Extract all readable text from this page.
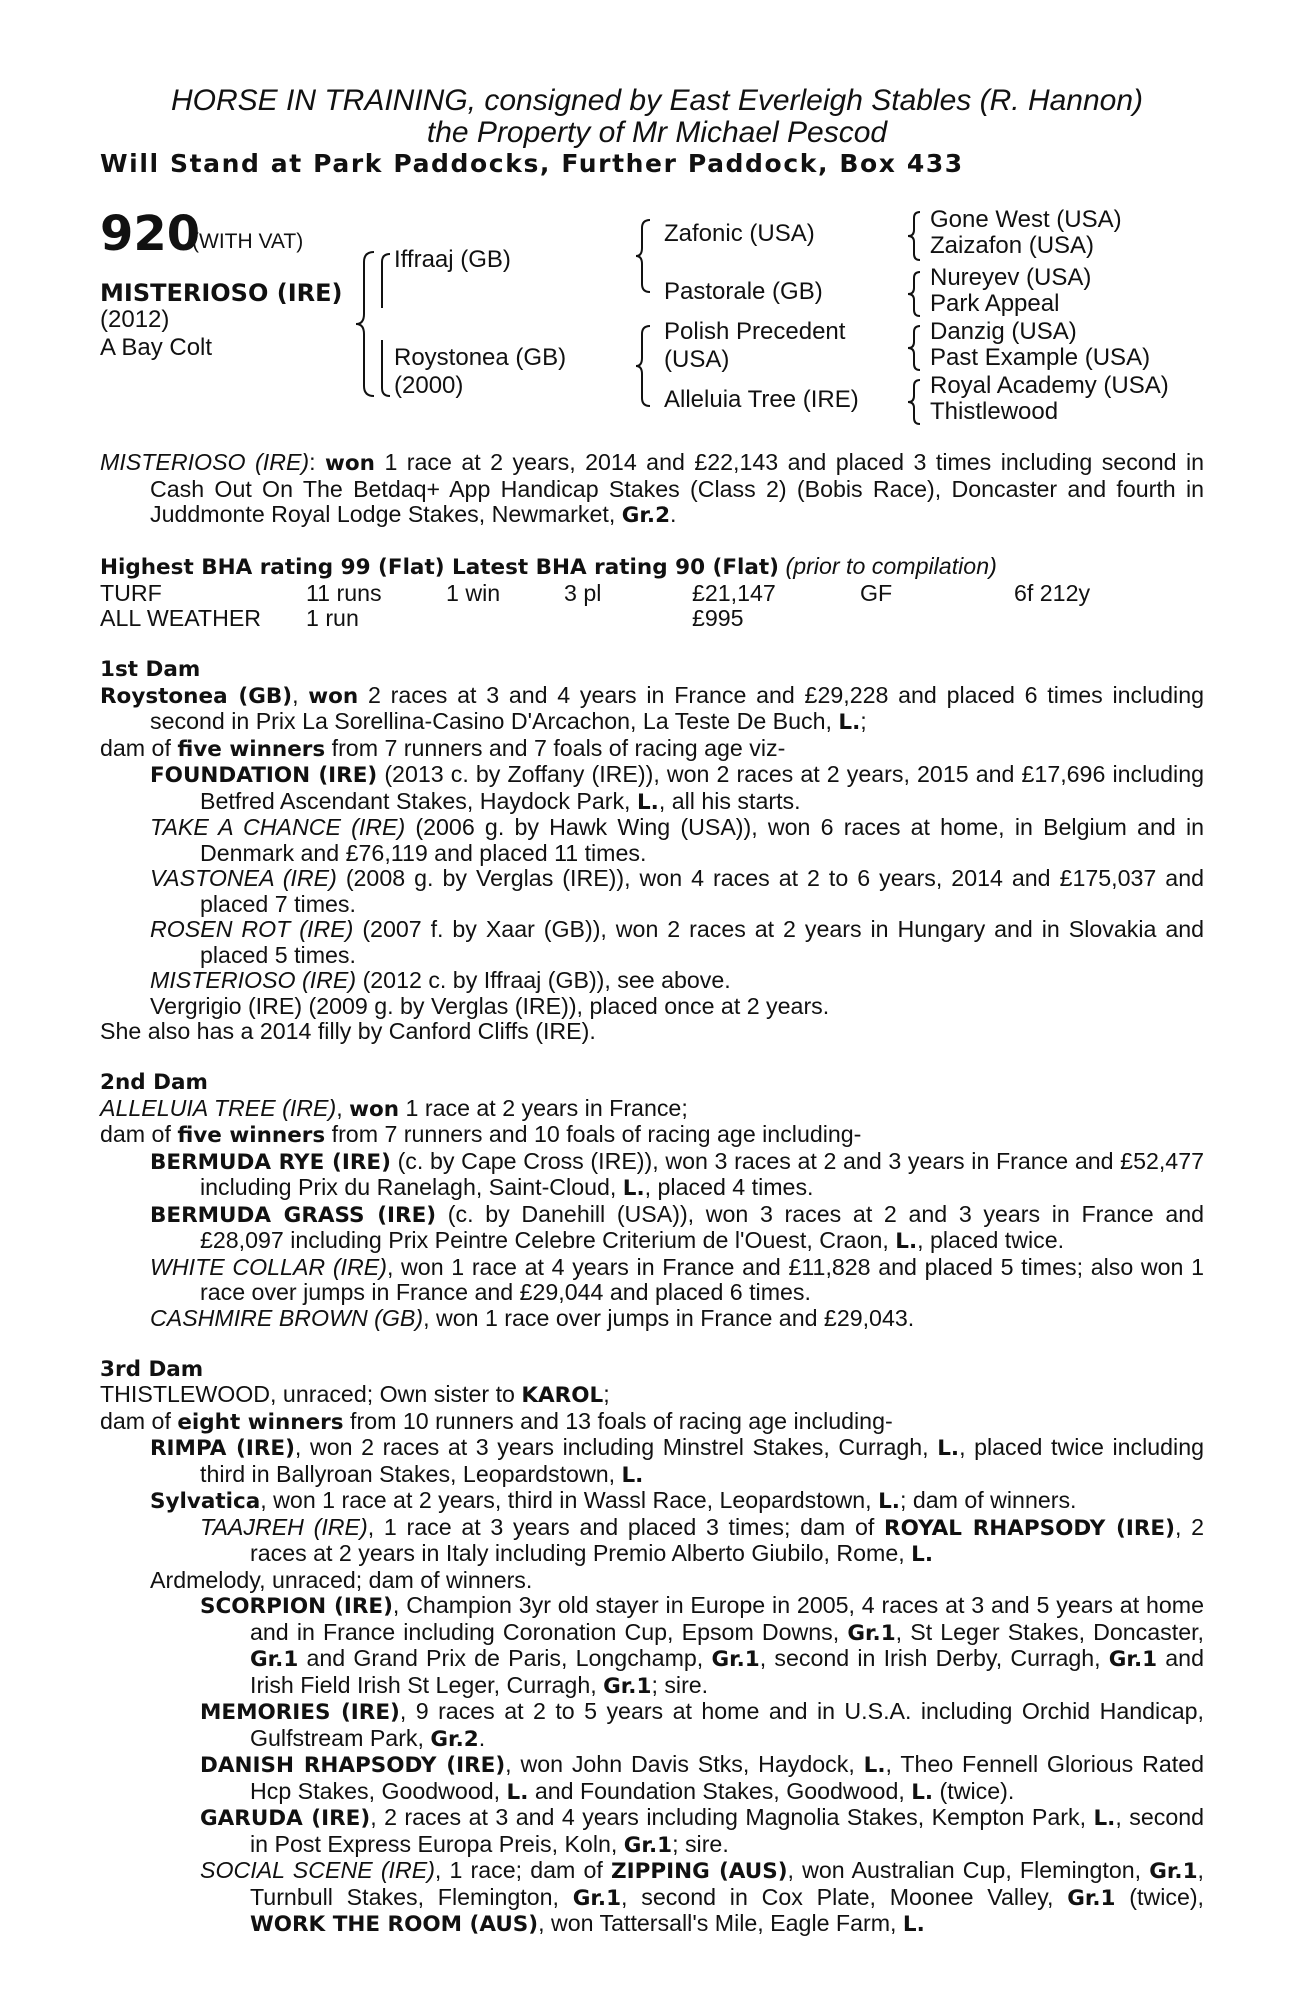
HORSE IN TRAINING, consigned by East Everleigh Stables (R. Hannon)
the Property of Mr Michael Pescod
Will Stand at Park Paddocks, Further Paddock, Box 433
920
(WITH VAT)
MISTERIOSO (IRE)
(2012)
A Bay Colt
Iffraaj (GB)
Roystonea (GB)
(2000)
Zafonic (USA)
Pastorale (GB)
Polish Precedent
(USA)
Alleluia Tree (IRE)
Gone West (USA)
Zaizafon (USA)
Nureyev (USA)
Park Appeal
Danzig (USA)
Past Example (USA)
Royal Academy (USA)
Thistlewood

MISTERIOSO (IRE): won 1 race at 2 years, 2014 and £22,143 and placed 3 times including second in Cash Out On The Betdaq+ App Handicap Stakes (Class 2) (Bobis Race), Doncaster and fourth in Juddmonte Royal Lodge Stakes, Newmarket, Gr.2.

Highest BHA rating 99 (Flat) Latest BHA rating 90 (Flat) (prior to compilation)

TURF	11 runs	1 win	3 pl	£21,147	GF	6f 212y
ALL WEATHER	1 run	£995

1st Dam

Roystonea (GB), won 2 races at 3 and 4 years in France and £29,228 and placed 6 times including second in Prix La Sorellina-Casino D'Arcachon, La Teste De Buch, L.;

dam of five winners from 7 runners and 7 foals of racing age viz-

FOUNDATION (IRE) (2013 c. by Zoffany (IRE)), won 2 races at 2 years, 2015 and £17,696 including Betfred Ascendant Stakes, Haydock Park, L., all his starts.

TAKE A CHANCE (IRE) (2006 g. by Hawk Wing (USA)), won 6 races at home, in Belgium and in Denmark and £76,119 and placed 11 times.

VASTONEA (IRE) (2008 g. by Verglas (IRE)), won 4 races at 2 to 6 years, 2014 and £175,037 and placed 7 times.

ROSEN ROT (IRE) (2007 f. by Xaar (GB)), won 2 races at 2 years in Hungary and in Slovakia and placed 5 times.

MISTERIOSO (IRE) (2012 c. by Iffraaj (GB)), see above.

Vergrigio (IRE) (2009 g. by Verglas (IRE)), placed once at 2 years.

She also has a 2014 filly by Canford Cliffs (IRE).

2nd Dam

ALLELUIA TREE (IRE), won 1 race at 2 years in France;

dam of five winners from 7 runners and 10 foals of racing age including-

BERMUDA RYE (IRE) (c. by Cape Cross (IRE)), won 3 races at 2 and 3 years in France and £52,477 including Prix du Ranelagh, Saint-Cloud, L., placed 4 times.

BERMUDA GRASS (IRE) (c. by Danehill (USA)), won 3 races at 2 and 3 years in France and £28,097 including Prix Peintre Celebre Criterium de l'Ouest, Craon, L., placed twice.

WHITE COLLAR (IRE), won 1 race at 4 years in France and £11,828 and placed 5 times; also won 1 race over jumps in France and £29,044 and placed 6 times.

CASHMIRE BROWN (GB), won 1 race over jumps in France and £29,043.

3rd Dam

THISTLEWOOD, unraced; Own sister to KAROL;

dam of eight winners from 10 runners and 13 foals of racing age including-

RIMPA (IRE), won 2 races at 3 years including Minstrel Stakes, Curragh, L., placed twice including third in Ballyroan Stakes, Leopardstown, L.

Sylvatica, won 1 race at 2 years, third in Wassl Race, Leopardstown, L.; dam of winners.

TAAJREH (IRE), 1 race at 3 years and placed 3 times; dam of ROYAL RHAPSODY (IRE), 2 races at 2 years in Italy including Premio Alberto Giubilo, Rome, L.

Ardmelody, unraced; dam of winners.

SCORPION (IRE), Champion 3yr old stayer in Europe in 2005, 4 races at 3 and 5 years at home and in France including Coronation Cup, Epsom Downs, Gr.1, St Leger Stakes, Doncaster, Gr.1 and Grand Prix de Paris, Longchamp, Gr.1, second in Irish Derby, Curragh, Gr.1 and Irish Field Irish St Leger, Curragh, Gr.1; sire.

MEMORIES (IRE), 9 races at 2 to 5 years at home and in U.S.A. including Orchid Handicap, Gulfstream Park, Gr.2.

DANISH RHAPSODY (IRE), won John Davis Stks, Haydock, L., Theo Fennell Glorious Rated Hcp Stakes, Goodwood, L. and Foundation Stakes, Goodwood, L. (twice).

GARUDA (IRE), 2 races at 3 and 4 years including Magnolia Stakes, Kempton Park, L., second in Post Express Europa Preis, Koln, Gr.1; sire.

SOCIAL SCENE (IRE), 1 race; dam of ZIPPING (AUS), won Australian Cup, Flemington, Gr.1, Turnbull Stakes, Flemington, Gr.1, second in Cox Plate, Moonee Valley, Gr.1 (twice), WORK THE ROOM (AUS), won Tattersall's Mile, Eagle Farm, L.
